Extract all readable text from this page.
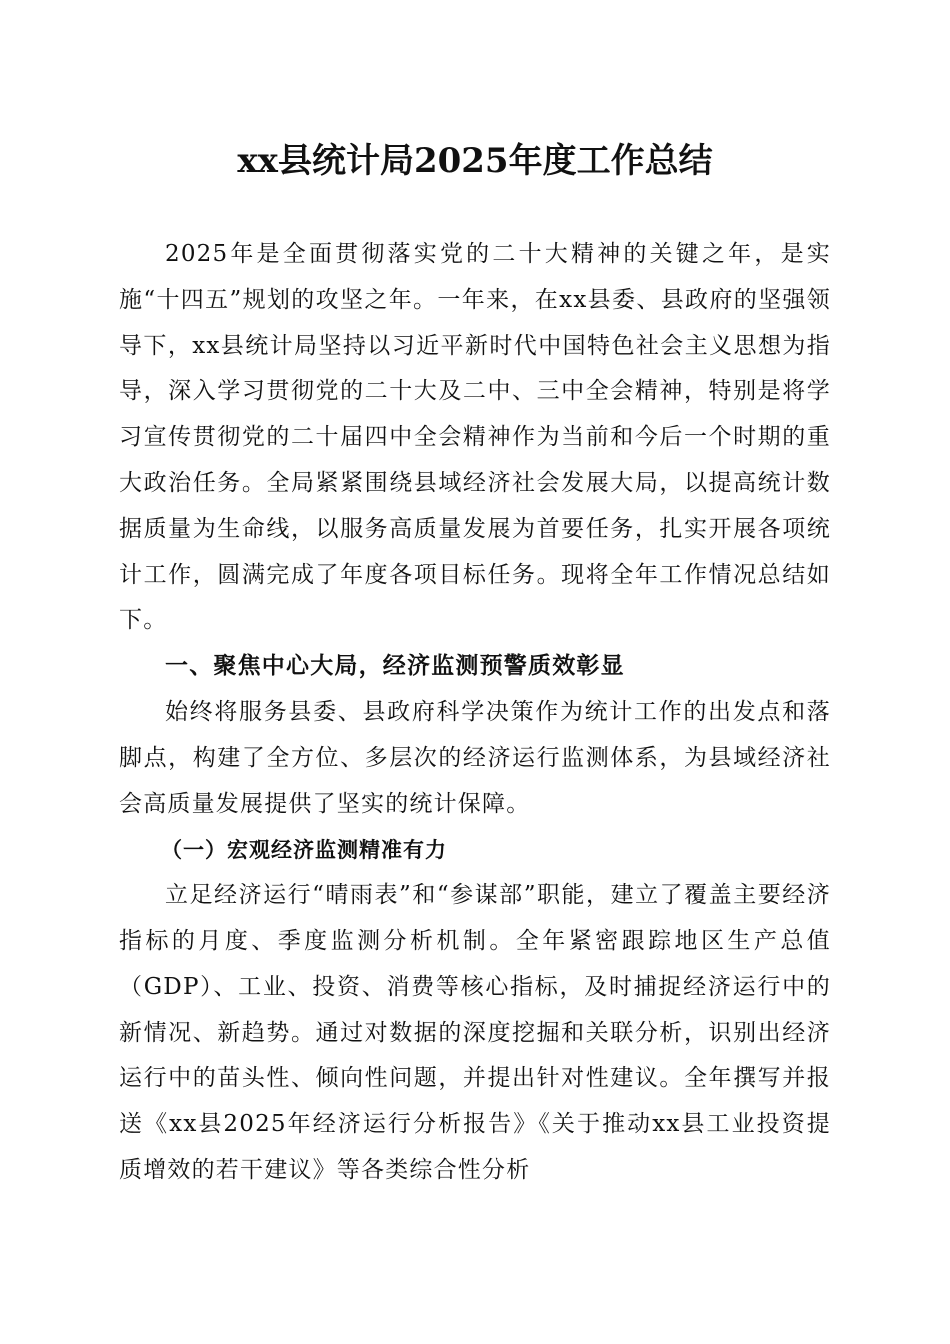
xx县统计局2025年度工作总结

2025年是全面贯彻落实党的二十大精神的关键之年，是实施“十四五”规划的攻坚之年。一年来，在xx县委、县政府的坚强领导下，xx县统计局坚持以习近平新时代中国特色社会主义思想为指导，深入学习贯彻党的二十大及二中、三中全会精神，特别是将学习宣传贯彻党的二十届四中全会精神作为当前和今后一个时期的重大政治任务。全局紧紧围绕县域经济社会发展大局，以提高统计数据质量为生命线，以服务高质量发展为首要任务，扎实开展各项统计工作，圆满完成了年度各项目标任务。现将全年工作情况总结如下。

一、聚焦中心大局，经济监测预警质效彰显

始终将服务县委、县政府科学决策作为统计工作的出发点和落脚点，构建了全方位、多层次的经济运行监测体系，为县域经济社会高质量发展提供了坚实的统计保障。

（一）宏观经济监测精准有力

立足经济运行“晴雨表”和“参谋部”职能，建立了覆盖主要经济指标的月度、季度监测分析机制。全年紧密跟踪地区生产总值（GDP）、工业、投资、消费等核心指标，及时捕捉经济运行中的新情况、新趋势。通过对数据的深度挖掘和关联分析，识别出经济运行中的苗头性、倾向性问题，并提出针对性建议。全年撰写并报送《xx县2025年经济运行分析报告》《关于推动xx县工业投资提质增效的若干建议》等各类综合性分析
